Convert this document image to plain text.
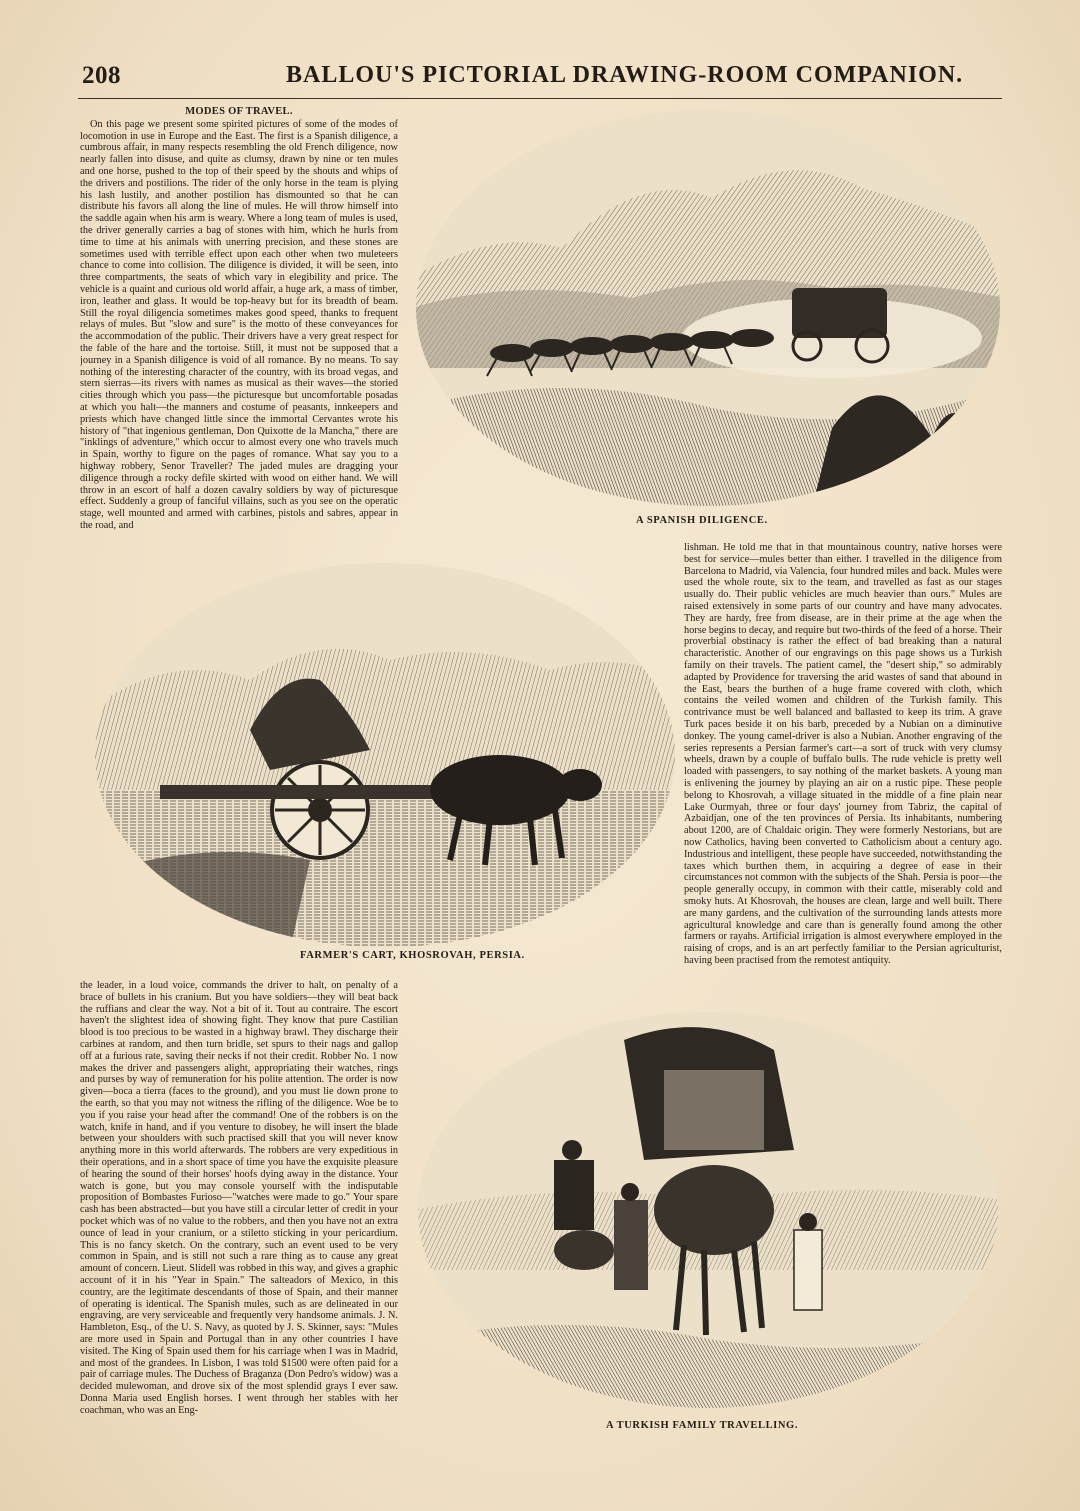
208	BALLOU'S PICTORIAL DRAWING-ROOM COMPANION.
MODES OF TRAVEL.

On this page we present some spirited pictures of some of the modes of locomotion in use in Europe and the East. The first is a Spanish diligence, a cumbrous affair, in many respects resembling the old French diligence, now nearly fallen into disuse, and quite as clumsy, drawn by nine or ten mules and one horse, pushed to the top of their speed by the shouts and whips of the drivers and postilions. The rider of the only horse in the team is plying his lash lustily, and another postilion has dismounted so that he can distribute his favors all along the line of mules. He will throw himself into the saddle again when his arm is weary. Where a long team of mules is used, the driver generally carries a bag of stones with him, which he hurls from time to time at his animals with unerring precision, and these stones are sometimes used with terrible effect upon each other when two muleteers chance to come into collision. The diligence is divided, it will be seen, into three compartments, the seats of which vary in elegibility and price. The vehicle is a quaint and curious old world affair, a huge ark, a mass of timber, iron, leather and glass. It would be top-heavy but for its breadth of beam. Still the royal diligencia sometimes makes good speed, thanks to frequent relays of mules. But "slow and sure" is the motto of these conveyances for the accommodation of the public. Their drivers have a very great respect for the fable of the hare and the tortoise. Still, it must not be supposed that a journey in a Spanish diligence is void of all romance. By no means. To say nothing of the interesting character of the country, with its broad vegas, and stern sierras—its rivers with names as musical as their waves—the storied cities through which you pass—the picturesque but uncomfortable posadas at which you halt—the manners and costume of peasants, innkeepers and priests which have changed little since the immortal Cervantes wrote his history of "that ingenious gentleman, Don Quixotte de la Mancha," there are "inklings of adventure," which occur to almost every one who travels much in Spain, worthy to figure on the pages of romance. What say you to a highway robbery, Senor Traveller? The jaded mules are dragging your diligence through a rocky defile skirted with wood on either hand. We will throw in an escort of half a dozen cavalry soldiers by way of picturesque effect. Suddenly a group of fanciful villains, such as you see on the operatic stage, well mounted and armed with carbines, pistols and sabres, appear in the road, and	A SPANISH DILIGENCE.
FARMER'S CART, KHOSROVAH, PERSIA.

lishman. He told me that in that mountainous country, native horses were best for service—mules better than either. I travelled in the diligence from Barcelona to Madrid, via Valencia, four hundred miles and back. Mules were used the whole route, six to the team, and travelled as fast as our stages usually do. Their public vehicles are much heavier than ours." Mules are raised extensively in some parts of our country and have many advocates. They are hardy, free from disease, are in their prime at the age when the horse begins to decay, and require but two-thirds of the feed of a horse. Their proverbial obstinacy is rather the effect of bad breaking than a natural characteristic. Another of our engravings on this page shows us a Turkish family on their travels. The patient camel, the "desert ship," so admirably adapted by Providence for traversing the arid wastes of sand that abound in the East, bears the burthen of a huge frame covered with cloth, which contains the veiled women and children of the Turkish family. This contrivance must be well balanced and ballasted to keep its trim. A grave Turk paces beside it on his barb, preceded by a Nubian on a diminutive donkey. The young camel-driver is also a Nubian. Another engraving of the series represents a Persian farmer's cart—a sort of truck with very clumsy wheels, drawn by a couple of buffalo bulls. The rude vehicle is pretty well loaded with passengers, to say nothing of the market baskets. A young man is enlivening the journey by playing an air on a rustic pipe. These people belong to Khosrovah, a village situated in the middle of a fine plain near Lake Ourmyah, three or four days' journey from Tabriz, the capital of Azbaidjan, one of the ten provinces of Persia. Its inhabitants, numbering about 1200, are of Chaldaic origin. They were formerly Nestorians, but are now Catholics, having been converted to Catholicism about a century ago. Industrious and intelligent, these people have succeeded, notwithstanding the taxes which burthen them, in acquiring a degree of ease in their circumstances not common with the subjects of the Shah. Persia is poor—the people generally occupy, in common with their cattle, miserably cold and smoky huts. At Khosrovah, the houses are clean, large and well built. There are many gardens, and the cultivation of the surrounding lands attests more agricultural knowledge and care than is generally found among the other farmers or rayahs. Artificial irrigation is almost everywhere employed in the raising of crops, and is an art perfectly familiar to the Persian agriculturist, having been practised from the remotest antiquity.

the leader, in a loud voice, commands the driver to halt, on penalty of a brace of bullets in his cranium. But you have soldiers—they will beat back the ruffians and clear the way. Not a bit of it. Tout au contraire. The escort haven't the slightest idea of showing fight. They know that pure Castilian blood is too precious to be wasted in a highway brawl. They discharge their carbines at random, and then turn bridle, set spurs to their nags and gallop off at a furious rate, saving their necks if not their credit. Robber No. 1 now makes the driver and passengers alight, appropriating their watches, rings and purses by way of remuneration for his polite attention. The order is now given—boca a tierra (faces to the ground), and you must lie down prone to the earth, so that you may not witness the rifling of the diligence. Woe be to you if you raise your head after the command! One of the robbers is on the watch, knife in hand, and if you venture to disobey, he will insert the blade between your shoulders with such practised skill that you will never know anything more in this world afterwards. The robbers are very expeditious in their operations, and in a short space of time you have the exquisite pleasure of hearing the sound of their horses' hoofs dying away in the distance. Your watch is gone, but you may console yourself with the indisputable proposition of Bombastes Furioso—"watches were made to go." Your spare cash has been abstracted—but you have still a circular letter of credit in your pocket which was of no value to the robbers, and then you have not an extra ounce of lead in your cranium, or a stiletto sticking in your pericardium. This is no fancy sketch. On the contrary, such an event used to be very common in Spain, and is still not such a rare thing as to cause any great amount of concern. Lieut. Slidell was robbed in this way, and gives a graphic account of it in his "Year in Spain." The salteadors of Mexico, in this country, are the legitimate descendants of those of Spain, and their manner of operating is identical. The Spanish mules, such as are delineated in our engraving, are very serviceable and frequently very handsome animals. J. N. Hambleton, Esq., of the U. S. Navy, as quoted by J. S. Skinner, says: "Mules are more used in Spain and Portugal than in any other countries I have visited. The King of Spain used them for his carriage when I was in Madrid, and most of the grandees. In Lisbon, I was told $1500 were often paid for a pair of carriage mules. The Duchess of Braganza (Don Pedro's widow) was a decided mulewoman, and drove six of the most splendid grays I ever saw. Donna Maria used English horses. I went through her stables with her coachman, who was an Eng-

A TURKISH FAMILY TRAVELLING.
